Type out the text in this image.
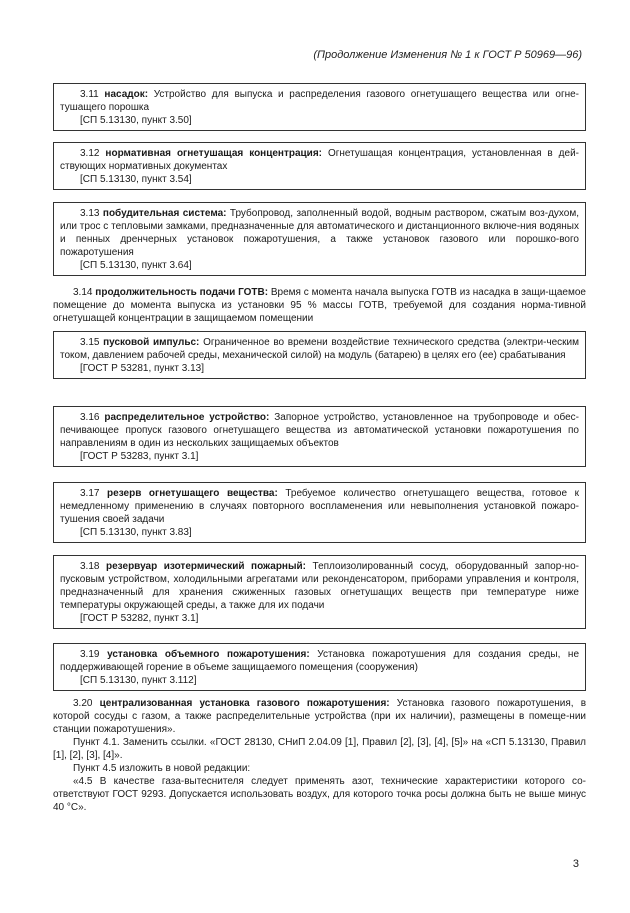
(Продолжение Изменения № 1 к ГОСТ Р 50969—96)

3.11 насадок: Устройство для выпуска и распределения газового огнетушащего вещества или огне-тушащего порошка

[СП 5.13130, пункт 3.50]

3.12 нормативная огнетушащая концентрация: Огнетушащая концентрация, установленная в дей-ствующих нормативных документах

[СП 5.13130, пункт 3.54]

3.13 побудительная система: Трубопровод, заполненный водой, водным раствором, сжатым воз-духом, или трос с тепловыми замками, предназначенные для автоматического и дистанционного включе-ния водяных и пенных дренчерных установок пожаротушения, а также установок газового или порошко-вого пожаротушения

[СП 5.13130, пункт 3.64]

3.14 продолжительность подачи ГОТВ: Время с момента начала выпуска ГОТВ из насадка в защи-щаемое помещение до момента выпуска из установки 95 % массы ГОТВ, требуемой для создания норма-тивной огнетушащей концентрации в защищаемом помещении

3.15 пусковой импульс: Ограниченное во времени воздействие технического средства (электри-ческим током, давлением рабочей среды, механической силой) на модуль (батарею) в целях его (ее) срабатывания

[ГОСТ Р 53281, пункт 3.13]

3.16 распределительное устройство: Запорное устройство, установленное на трубопроводе и обес-печивающее пропуск газового огнетушащего вещества из автоматической установки пожаротушения по направлениям в один из нескольких защищаемых объектов

[ГОСТ Р 53283, пункт 3.1]

3.17 резерв огнетушащего вещества: Требуемое количество огнетушащего вещества, готовое к немедленному применению в случаях повторного воспламенения или невыполнения установкой пожаро-тушения своей задачи

[СП 5.13130, пункт 3.83]

3.18 резервуар изотермический пожарный: Теплоизолированный сосуд, оборудованный запор-но-пусковым устройством, холодильными агрегатами или реконденсатором, приборами управления и контроля, предназначенный для хранения сжиженных газовых огнетушащих веществ при температуре ниже температуры окружающей среды, а также для их подачи

[ГОСТ Р 53282, пункт 3.1]

3.19 установка объемного пожаротушения: Установка пожаротушения для создания среды, не поддерживающей горение в объеме защищаемого помещения (сооружения)

[СП 5.13130, пункт 3.112]

3.20 централизованная установка газового пожаротушения: Установка газового пожаротушения, в которой сосуды с газом, а также распределительные устройства (при их наличии), размещены в помеще-нии станции пожаротушения».

Пункт 4.1. Заменить ссылки. «ГОСТ 28130, СНиП 2.04.09 [1], Правил [2], [3], [4], [5]» на «СП 5.13130, Правил [1], [2], [3], [4]».

Пункт 4.5 изложить в новой редакции:

«4.5 В качестве газа-вытеснителя следует применять азот, технические характеристики которого со-ответствуют ГОСТ 9293. Допускается использовать воздух, для которого точка росы должна быть не выше минус 40 °С».

3
